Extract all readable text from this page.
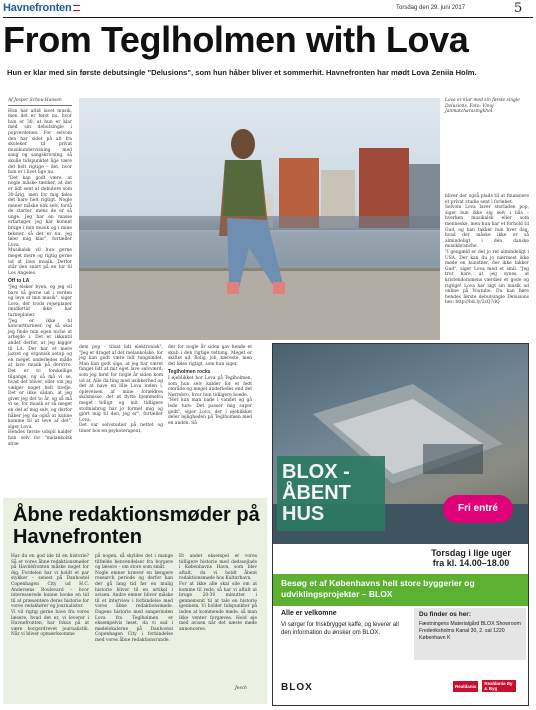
Havnefronten	Torsdag den 29. juni 2017	5
From Teglholmen with Lova
Hun er klar med sin første debutsingle "Delusions", som hun håber bliver et sommerhit. Havnefronten har mødt Lova Zeniia Holm.

Af Jesper Schou Hansen

Hun har altid lavet musik, men det er først nu, hvor hun er 30, at hun er klar med sin debutsingle i popverdenen. For selvom den har sidet på alt fra skoleker til privat musikundervisning med sang og sangskrivning, så skulle tidspunktet lige være det helt rigtige – det, hvor hun er i livet lige nu.

"Det kan godt være, at nogle måske tænker, at det er lidt sent at debutere som 30-årig, men for mig føles det bare helt rigtigt. Nogle mener måske nok selv, forså de starter, mens de er så unge. Jeg har en masse erfaringer, jeg har kunnet bruge i min musik og i mine tekster, så det er nu, jeg føler mig klar", fortæller Lova.

Musikalsk vil hun gerne meget mere og rigtig gerne ud at lave musik. Derfor står den snart på en tur til Los Angeles.

Off to LA

"Jeg elsker byen, og jeg vil bare så gerne ud i verden og leve af min musik", siger Lova, der trods rejseplaner imidlertid ikke har turneplaner.

"Jeg er ikke til koncertturneer, og så skal jeg finde min egen niche at arbejde i. Det er ikkuntil andet derfor, at jeg kigger til LA. Der har et mere jazzet og organisk setup og en meget anderledes måde at lave musik på derovre. Det er to forskellige tilgange, og så må vi se, hvad det bliver, eller om jeg vælger noget helt tredje. Det er ikke sådan, at jeg giver jeg det to år, og så må vi se, for musik er så meget en del af mig selv, og derfor håber jeg da også at kunne komme til at leve af det", siger Lova.

Hendes første udspil kalder hun selv for "melankolsk stræ-

Lova er klar med sin første single Delusions. Foto: Vinoj Janmatcharasmgkhol.
bliver der også plads til at finansiere et privat studie sent i forløbet.
Selvom Lova laver storladen pop, siger hun ikke sig selv i bås – hverken musikalsk eller som menneske, men hun har et forhold til Gud, og han takker hun hver dag, hvad der måske ikke er så almindeligt i den danske musikbranche.
"I gengæld er det jo ret almindeligt i USA. Der kan du jo nærmest ikke møde en kunstner, der ikke takker Gud", siger Lova med et smil. "Jeg tror bare, at jeg synes, at kristendommens værdier er gode og rigtige! Lova har lagt sin musik ud online på Youtube. Du kan høre hendes første debutsingle Delusions her: http://bit.ly/2sQ7dQ
dem pop – tilsat lidt elektronisk". "Jeg er draget af det melankolske, for jeg kan godt være lidt tungsindet. Man kan godt sige, at jeg har været fanget lidt af mit eget lave selvværd, som jeg først for nogle år siden kom ud af. Alle da ting med usikkerhed og det at have en lille Lova inden i, opleveisen af mine forældres skilsmisse, det at flytte hjemmefra meget tidligt og mit tidligere stofmisbrug har jo formet mig og gjort mig til den, jeg er", fortæller Lova.
Det var selvstudier på nettet og timer hos en psykoterapeut,

der for nogle år siden gav hende et skub i den rigtige retning. Meget er skiftet ud. Bolig, job, kæreste, men det føles rigtigt, som hun siger.

Teglholmen rocks

I øjeblikket bor Lova på Teglholmen, som hun selv kalder for et fedt område og meget anderledes end det Nørrebro, hvor hun tidligere boede.
"Her kan man bade i vandet og gå lede ture. Det passer mig super godt", siger Lova, der i øjeblikket deler lejligheden på Teglholmen med en anden. Så

Åbne redaktionsmøder på Havnefronten
Har du en god ide til en historie? Så er vores åbne redaktionsmøder på Havnefronten måske noget for dig. Fordelen har vi holdt et par stykker – senest på Danhostel Copenhagen City ud H.C. Andersens Boulevard – hvor interesserede kunne booke en tid til at præsentere deres historie for vores redaktører og journalister.
Vi vil rigtig gerne have fra vores læsere, hvad det er, vi leverer i Havnefronten, har fokus på at være borgerdrevet journalistik. Når vi bliver opmærksomme
på nogen, så skyldes det i mange tilfælde henvendelser fra borgere og læsere – om store som småt.
Nogle emner kræver en længere research periode og derfor kan der gå lang tid før en mulig historie bliver til en artikel i avisen. Andre emner bliver måske til et interview i forbindelse med vores åbne redaktionsmøde. Dagens historie med sangerinden Lova fra Teglholmen er eksempelvis løset, da vi sad i mødelokalerne på Danhostel Copenhagen City i forbindelse med vores åbne redaktionsrunde.
Et andet eksempel er vores tidligere historie med dødssejlads i Københavns Havn, som blev aftalt, da vi holdt åbent redaktionsmøde hos Kulturhavn.
For at ikke alle skal sile om at komme til rede, så har vi aftalt at bruge 20-30 minutter i gennemsnit til at tale en historie igennem. Vi holder tidspunkter på inden at kommende møde, så man ikke venter forgæves. Hold øje med avisen når det næste møde annonceres.
Jesch
BLOX -
ÅBENT
HUS	Fri entré
Torsdag i ligе uger
fra kl. 14.00–18.00
Besøg et af Københavns helt store byggerier og udviklingsprojekter – BLOX
Alle er velkomne
Vi sørger for friskbrygget kaffe, og leverer all den information du ønsker om BLOX.
Du finder os her:
Fæstningens Materialgård BLOX Showroom Frederiksholms Kanal 30, 2. sal 1220 København K
BLOX	Realdania	Realdania By & Byg
